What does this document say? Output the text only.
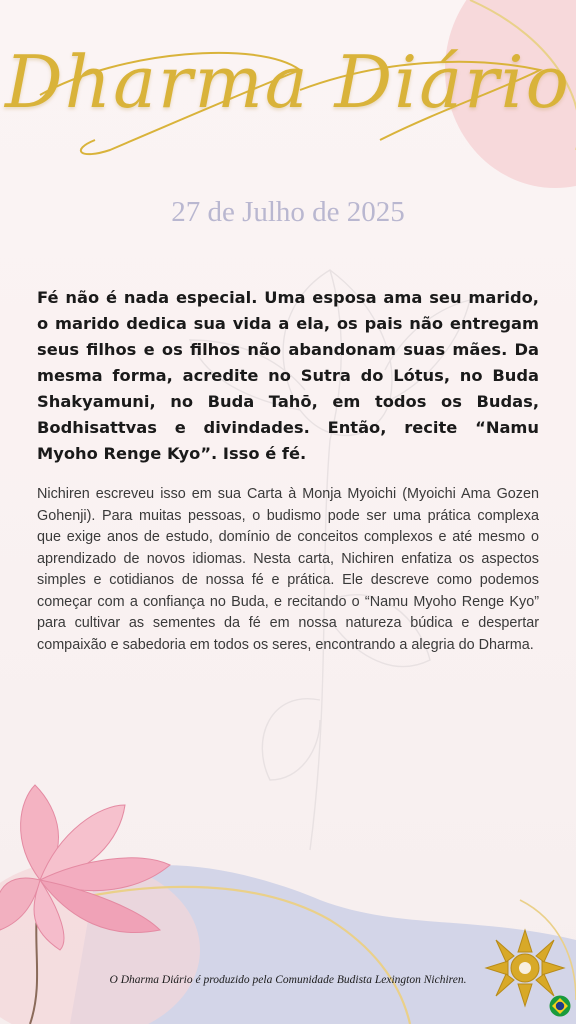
Dharma Diário
27 de Julho de 2025
Fé não é nada especial. Uma esposa ama seu marido, o marido dedica sua vida a ela, os pais não entregam seus filhos e os filhos não abandonam suas mães. Da mesma forma, acredite no Sutra do Lótus, no Buda Shakyamuni, no Buda Tahō, em todos os Budas, Bodhisattvas e divindades. Então, recite “Namu Myoho Renge Kyo”. Isso é fé.
Nichiren escreveu isso em sua Carta à Monja Myoichi (Myoichi Ama Gozen Gohenji). Para muitas pessoas, o budismo pode ser uma prática complexa que exige anos de estudo, domínio de conceitos complexos e até mesmo o aprendizado de novos idiomas. Nesta carta, Nichiren enfatiza os aspectos simples e cotidianos de nossa fé e prática. Ele descreve como podemos começar com a confiança no Buda, e recitando o “Namu Myoho Renge Kyo” para cultivar as sementes da fé em nossa natureza búdica e despertar compaixão e sabedoria em todos os seres, encontrando a alegria do Dharma.
O Dharma Diário é produzido pela Comunidade Budista Lexington Nichiren.
